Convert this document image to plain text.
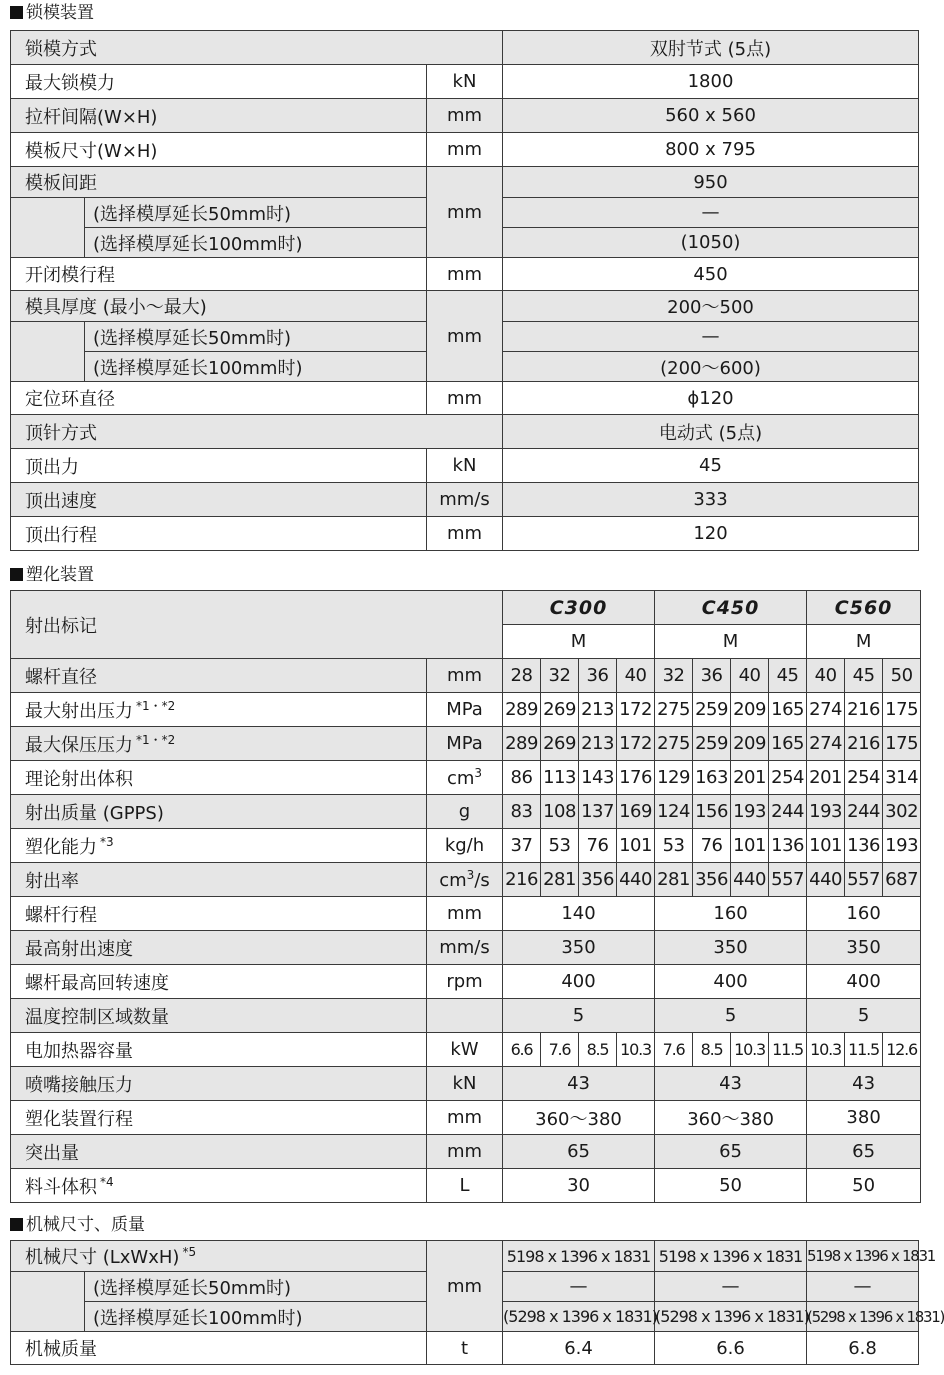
锁模装置
锁模方式			双肘节式 (5点)
最大锁模力		kN	1800
拉杆间隔(W×H)		mm	560 x 560
模板尺寸(W×H)		mm	800 x 795
模板间距			950
	(选择模厚延长50mm时)	mm	—
	(选择模厚延长100mm时)		(1050)
开闭模行程		mm	450
模具厚度 (最小〜最大)			200〜500
	(选择模厚延长50mm时)	mm	—
	(选择模厚延长100mm时)		(200〜600)
定位环直径		mm	ϕ120
顶针方式			电动式 (5点)
顶出力		kN	45
顶出速度		mm/s	333
顶出行程		mm	120
塑化装置
射出标记		C300				C450				C560		
		M				M				M		
螺杆直径	mm	28	32	36	40	32	36	40	45	40	45	50
最大射出压力 $^{*1・*2}$	MPa	289	269	213	172	275	259	209	165	274	216	175
最大保压压力 $^{*1・*2}$	MPa	289	269	213	172	275	259	209	165	274	216	175
理论射出体积	$cm^3$	86	113	143	176	129	163	201	254	201	254	314
射出质量 (GPPS)	g	83	108	137	169	124	156	193	244	193	244	302
塑化能力 $^{*3}$	kg/h	37	53	76	101	53	76	101	136	101	136	193
射出率	$cm^3/s$	216	281	356	440	281	356	440	557	440	557	687
螺杆行程	mm	140				160				160		
最高射出速度	mm/s	350				350				350		
螺杆最高回转速度	rpm	400				400				400		
温度控制区域数量		5				5				5		
电加热器容量	kW	6.6	7.6	8.5	10.3	7.6	8.5	10.3	11.5	10.3	11.5	12.6
喷嘴接触压力	kN	43				43				43		
塑化装置行程	mm	360〜380				360〜380				380		
突出量	mm	65				65				65		
料斗体积 $^{*4}$	L	30				50				50		
机械尺寸、质量
机械尺寸 (LxWxH) $^{*5}$		mm	5198 x 1396 x 1831	5198 x 1396 x 1831	5198 x 1396 x 1831
	(选择模厚延长50mm时)		—	—	—
	(选择模厚延长100mm时)		(5298 x 1396 x 1831)	(5298 x 1396 x 1831)	(5298 x 1396 x 1831)
机械质量		t	6.4	6.6	6.8
